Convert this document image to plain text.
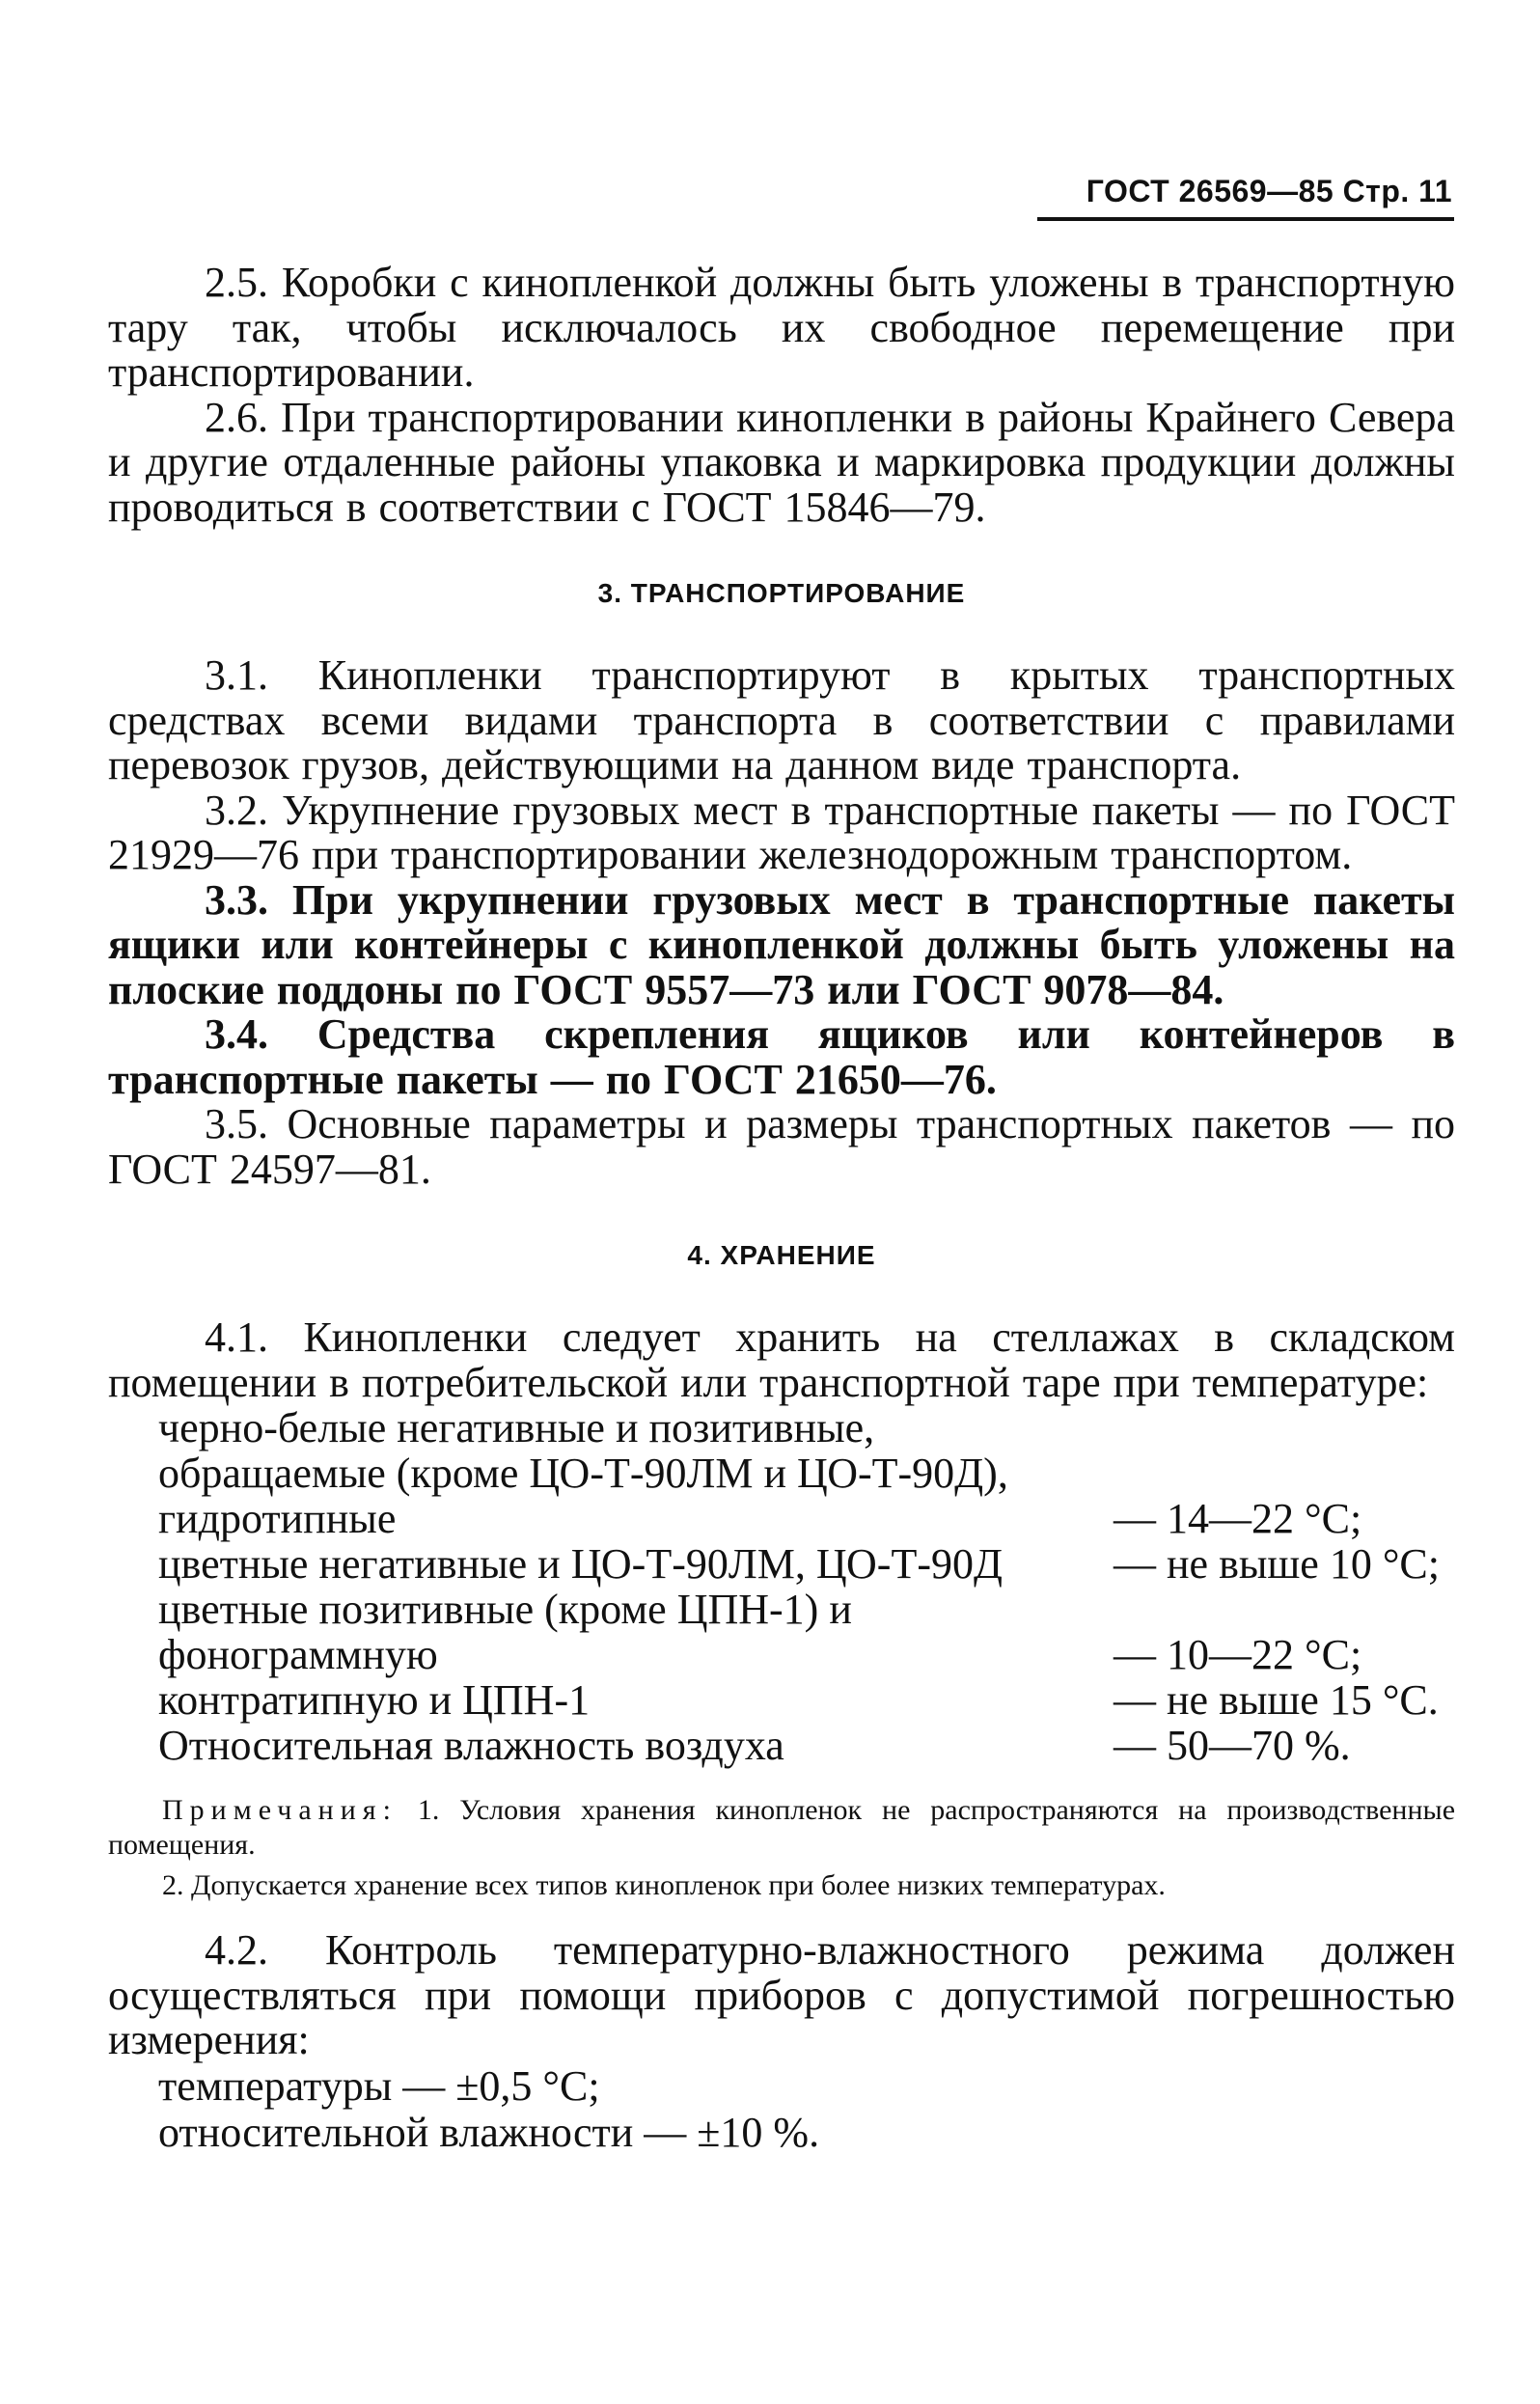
ГОСТ 26569—85 Стр. 11

2.5. Коробки с кинопленкой должны быть уложены в транспортную тару так, чтобы исключалось их свободное перемещение при транспортировании.

2.6. При транспортировании кинопленки в районы Крайнего Севера и другие отдаленные районы упаковка и маркировка продукции должны проводиться в соответствии с ГОСТ 15846—79.

3. ТРАНСПОРТИРОВАНИЕ

3.1. Кинопленки транспортируют в крытых транспортных средствах всеми видами транспорта в соответствии с правилами перевозок грузов, действующими на данном виде транспорта.

3.2. Укрупнение грузовых мест в транспортные пакеты — по ГОСТ 21929—76 при транспортировании железнодорожным транспортом.

3.3. При укрупнении грузовых мест в транспортные пакеты ящики или контейнеры с кинопленкой должны быть уложены на плоские поддоны по ГОСТ 9557—73 или ГОСТ 9078—84.

3.4. Средства скрепления ящиков или контейнеров в транспортные пакеты — по ГОСТ 21650—76.

3.5. Основные параметры и размеры транспортных пакетов — по ГОСТ 24597—81.

4. ХРАНЕНИЕ

4.1. Кинопленки следует хранить на стеллажах в складском помещении в потребительской или транспортной таре при температуре:

черно-белые негативные и позитивные,
обращаемые (кроме ЦО-Т-90ЛМ и ЦО-Т-90Д),
гидротипные	— 14—22 °С;
цветные негативные и ЦО-Т-90ЛМ, ЦО-Т-90Д	— не выше 10 °С;
цветные позитивные (кроме ЦПН-1) и
фонограммную	— 10—22 °С;
контратипную и ЦПН-1	— не выше 15 °С.
Относительная влажность воздуха	— 50—70 %.

Примечания: 1. Условия хранения кинопленок не распространяются на производственные помещения.

2. Допускается хранение всех типов кинопленок при более низких температурах.

4.2. Контроль температурно-влажностного режима должен осуществляться при помощи приборов с допустимой погрешностью измерения:

температуры — ±0,5 °С;

относительной влажности — ±10 %.
